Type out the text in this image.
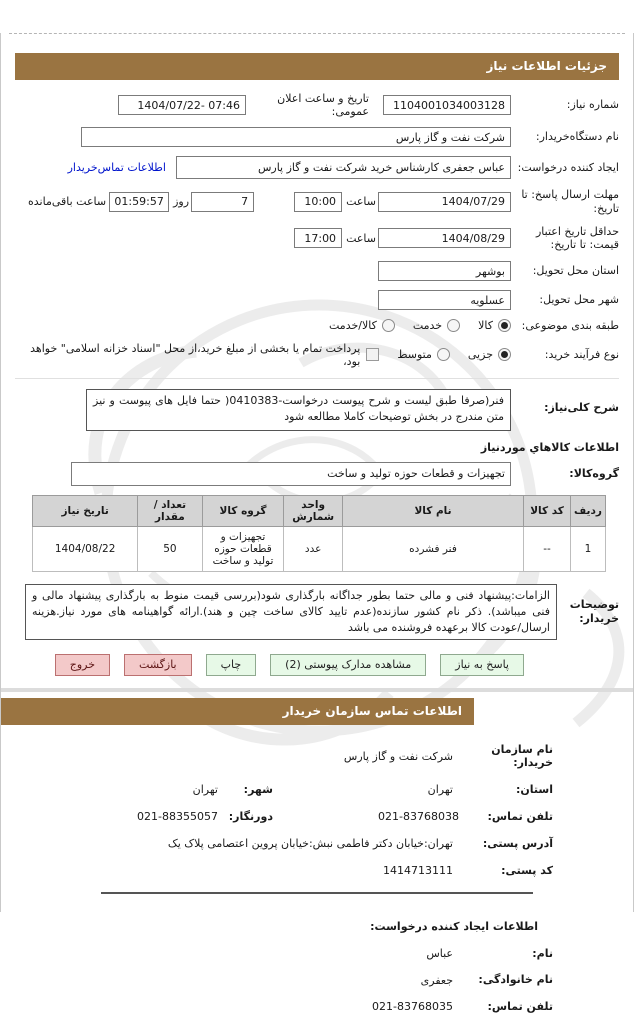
جزئیات اطلاعات نیاز
شماره نیاز:
1104001034003128
تاریخ و ساعت اعلان عمومی:
1404/07/22- 07:46
نام دستگاه‌خریدار:
شرکت نفت و گاز پارس
ایجاد کننده درخواست:
عباس جعفری کارشناس خرید شرکت نفت و گاز پارس
اطلاعات تماس‌خریدار
مهلت ارسال پاسخ: تا تاریخ:
1404/07/29
ساعت
10:00
7
روز
01:59:57
ساعت باقی‌مانده
حداقل تاریخ اعتبار قیمت: تا تاریخ:
1404/08/29
ساعت
17:00
استان محل تحویل:
بوشهر
شهر محل تحویل:
عسلویه
طبقه بندی موضوعی:
کالا
خدمت
کالا/خدمت
نوع فرآیند خرید:
جزیی
متوسط
پرداخت تمام یا بخشی از مبلغ خرید،از محل "اسناد خزانه اسلامی" خواهد بود،
شرح کلی‌نیاز:
فنر(صرفا طبق لیست و شرح پیوست درخواست-0410383( حتما فایل های پیوست و نیز متن مندرج در بخش توضیحات کاملا مطالعه شود
اطلاعات کالاهاي موردنیاز
گروه‌کالا:
تجهیزات و قطعات حوزه تولید و ساخت
ردیف	کد کالا	نام کالا	واحد شمارش	گروه کالا	تعداد / مقدار	تاریخ نیاز
1	--	فنر فشرده	عدد	تجهیزات و قطعات حوزه تولید و ساخت	50	1404/08/22
توضیحات خریدار:
الزامات:پیشنهاد فنی و مالی حتما بطور جداگانه بارگذاری شود(بررسی قیمت منوط به بارگذاری پیشنهاد مالی و فنی میباشد). ذکر نام کشور سازنده(عدم تایید کالای ساخت چین و هند).ارائه گواهینامه های مورد نیاز.هزینه ارسال/عودت کالا برعهده فروشنده می باشد
پاسخ به نیاز
مشاهده مدارک پیوستی (2)
چاپ
بازگشت
خروج
اطلاعات تماس سازمان خریدار
نام سازمان خریدار:
شرکت نفت و گاز پارس
استان:
تهران
شهر:
تهران
تلفن تماس:
021-83768038
دورنگار:
021-88355057
آدرس پستی:
تهران:خیابان دکتر فاطمی نبش:خیابان پروین اعتصامی پلاک یک
کد پستی:
1414713111
اطلاعات ایجاد کننده درخواست:
نام:
عباس
نام خانوادگی:
جعفری
تلفن تماس:
021-83768035
